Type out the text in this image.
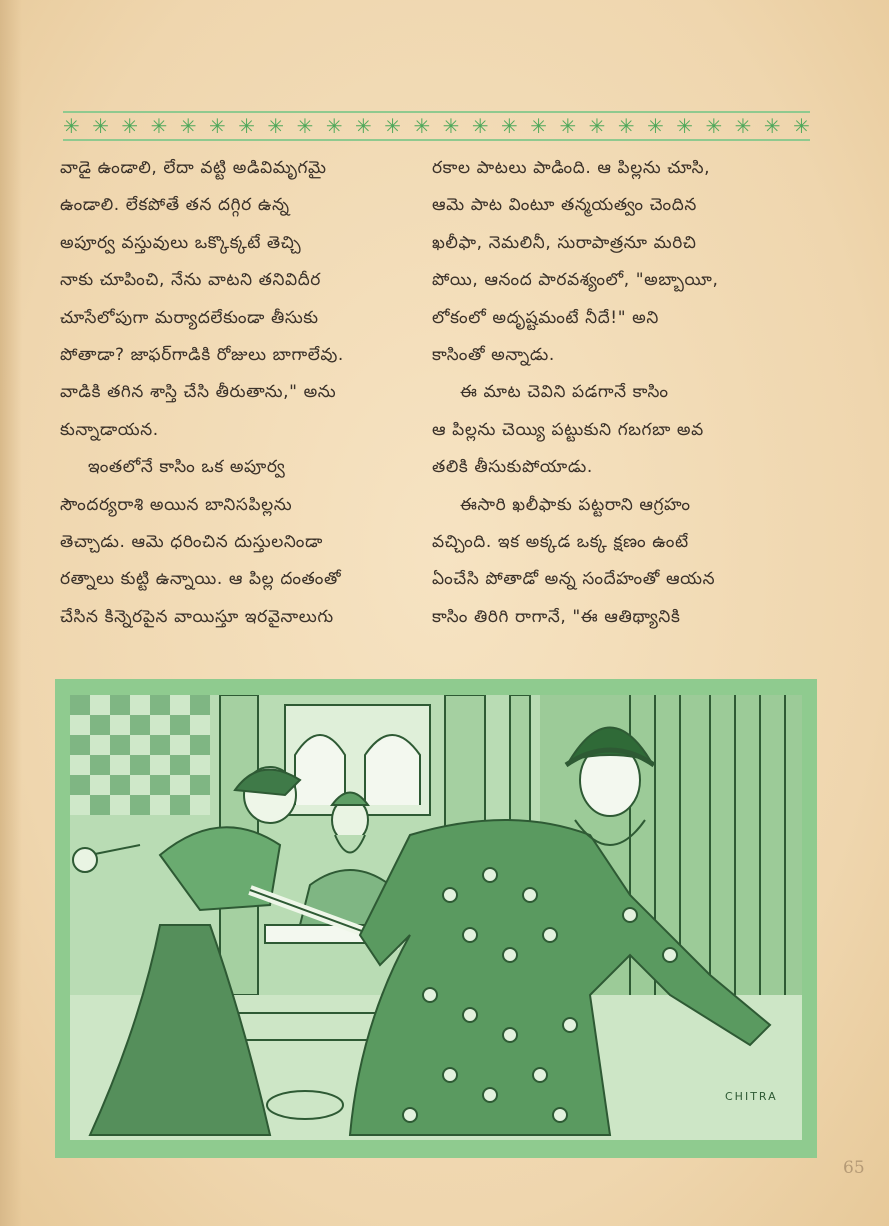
✳ ✳ ✳ ✳ ✳ ✳ ✳ ✳ ✳ ✳ ✳ ✳ ✳ ✳ ✳ ✳ ✳ ✳ ✳ ✳ ✳ ✳ ✳ ✳ ✳ ✳
వాడై ఉండాలి, లేదా వట్టి అడివిమృగమై
ఉండాలి. లేకపోతే తన దగ్గిర ఉన్న
అపూర్వ వస్తువులు ఒక్కొక్కటే తెచ్చి
నాకు చూపించి, నేను వాటని తనివిదీర
చూసేలోపుగా మర్యాదలేకుండా తీసుకు
పోతాడా? జాఫర్‌గాడికి రోజులు బాగాలేవు.
వాడికి తగిన శాస్తి చేసి తీరుతాను," అను
కున్నాడాయన.
ఇంతలోనే కాసిం ఒక అపూర్వ
సౌందర్యరాశి అయిన బానిసపిల్లను
తెచ్చాడు. ఆమె ధరించిన దుస్తులనిండా
రత్నాలు కుట్టి ఉన్నాయి. ఆ పిల్ల దంతంతో
చేసిన కిన్నెరపైన వాయిస్తూ ఇరవైనాలుగు
రకాల పాటలు పాడింది. ఆ పిల్లను చూసి,
ఆమె పాట వింటూ తన్మయత్వం చెందిన
ఖలీఫా, నెమలినీ, సురాపాత్రనూ మరిచి
పోయి, ఆనంద పారవశ్యంలో, "అబ్బాయీ,
లోకంలో అదృష్టమంటే నీదే!" అని
కాసింతో అన్నాడు.
ఈ మాట చెవిని పడగానే కాసిం
ఆ పిల్లను చెయ్యి పట్టుకుని గబగబా అవ
తలికి తీసుకుపోయాడు.
ఈసారి ఖలీఫాకు పట్టరాని ఆగ్రహం
వచ్చింది. ఇక అక్కడ ఒక్క క్షణం ఉంటే
ఏంచేసి పోతాడో అన్న సందేహంతో ఆయన
కాసిం తిరిగి రాగానే, "ఈ ఆతిథ్యానికి
CHITRA
65
